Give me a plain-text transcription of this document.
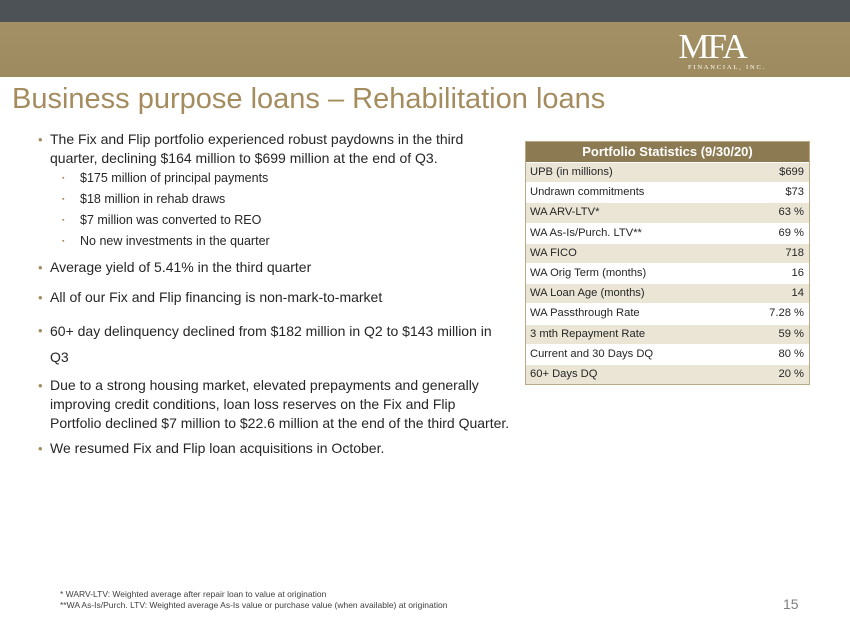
MFA
FINANCIAL, INC.
Business purpose loans – Rehabilitation loans

• The Fix and Flip portfolio experienced robust paydowns in the third quarter, declining $164 million to $699 million at the end of Q3.

▪ $175 million of principal payments

▪ $18 million in rehab draws

▪ $7 million was converted to REO

▪ No new investments in the quarter

• Average yield of 5.41% in the third quarter

• All of our Fix and Flip financing is non-mark-to-market

• 60+ day delinquency declined from $182 million in Q2 to $143 million in Q3

• Due to a strong housing market, elevated prepayments and generally improving credit conditions, loan loss reserves on the Fix and Flip Portfolio declined $7 million to $22.6 million at the end of the third Quarter.

• We resumed Fix and Flip loan acquisitions in October.

Portfolio Statistics (9/30/20)
UPB (in millions)	$699
Undrawn commitments	$73
WA ARV-LTV*	63 %
WA As-Is/Purch. LTV**	69 %
WA FICO	718
WA Orig Term (months)	16
WA Loan Age (months)	14
WA Passthrough Rate	7.28 %
3 mth Repayment Rate	59 %
Current and 30 Days DQ	80 %
60+ Days DQ	20 %
* WARV-LTV: Weighted average after repair loan to value at origination
**WA As-Is/Purch. LTV: Weighted average As-Is value or purchase value (when available) at origination	15
